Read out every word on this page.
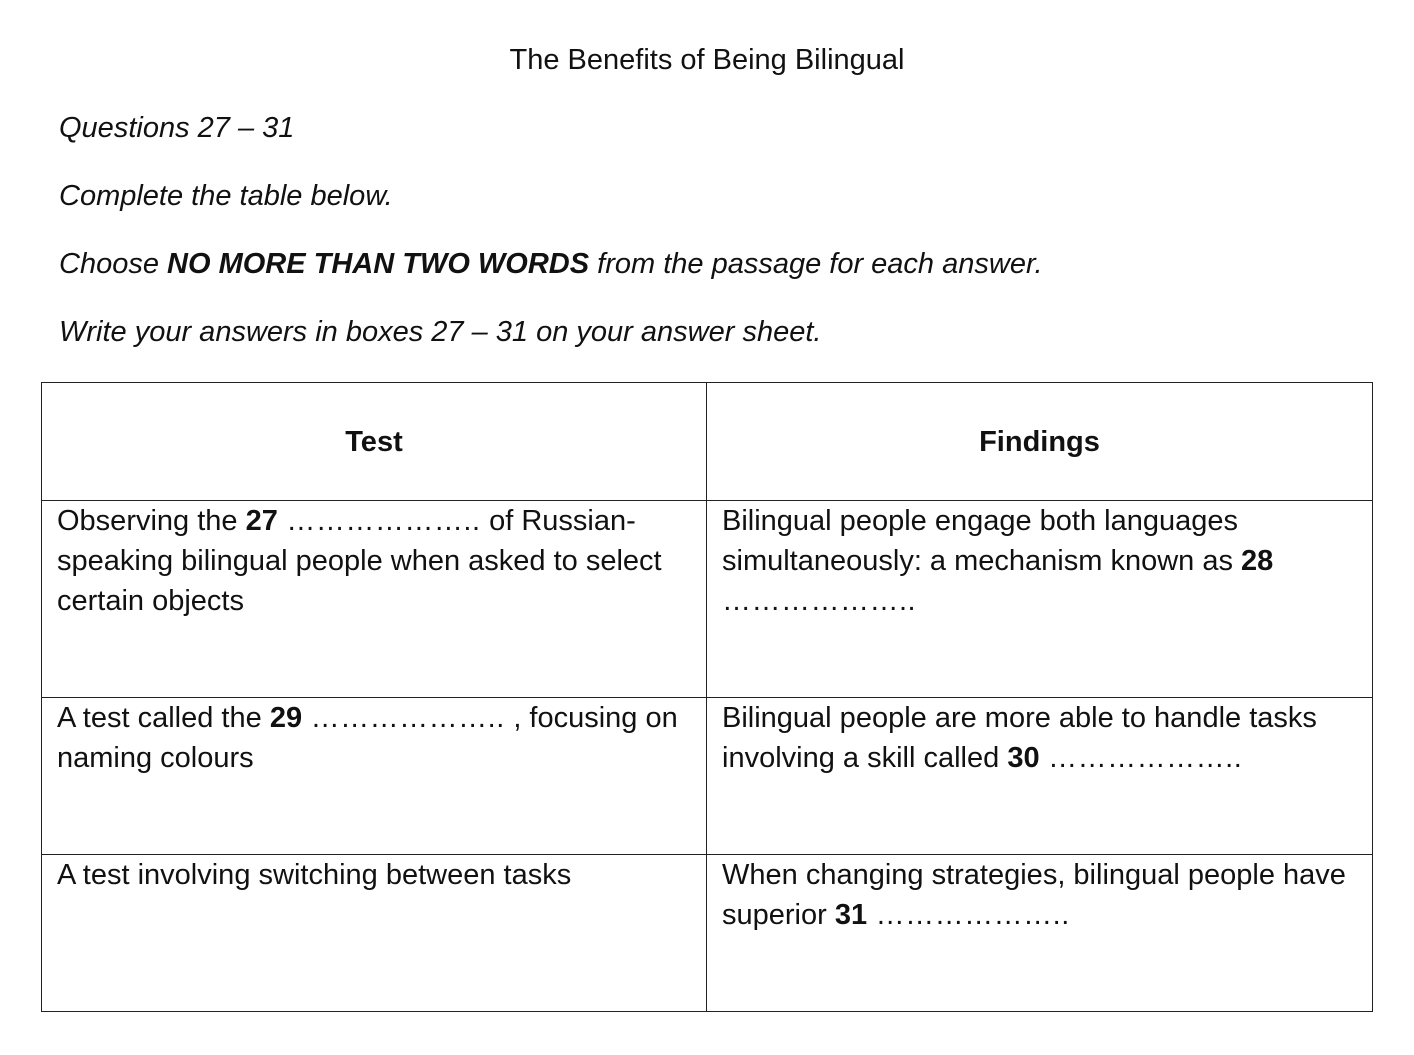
The Benefits of Being Bilingual
Questions 27 – 31
Complete the table below.
Choose NO MORE THAN TWO WORDS from the passage for each answer.
Write your answers in boxes 27 – 31 on your answer sheet.
Test	Findings
Observing the 27 ……………….. of Russian-speaking bilingual people when asked to select certain objects	Bilingual people engage both languages simultaneously: a mechanism known as 28 ………………..
A test called the 29 ……………….. , focusing on naming colours	Bilingual people are more able to handle tasks involving a skill called 30 ………………..
A test involving switching between tasks	When changing strategies, bilingual people have superior 31 ………………..
